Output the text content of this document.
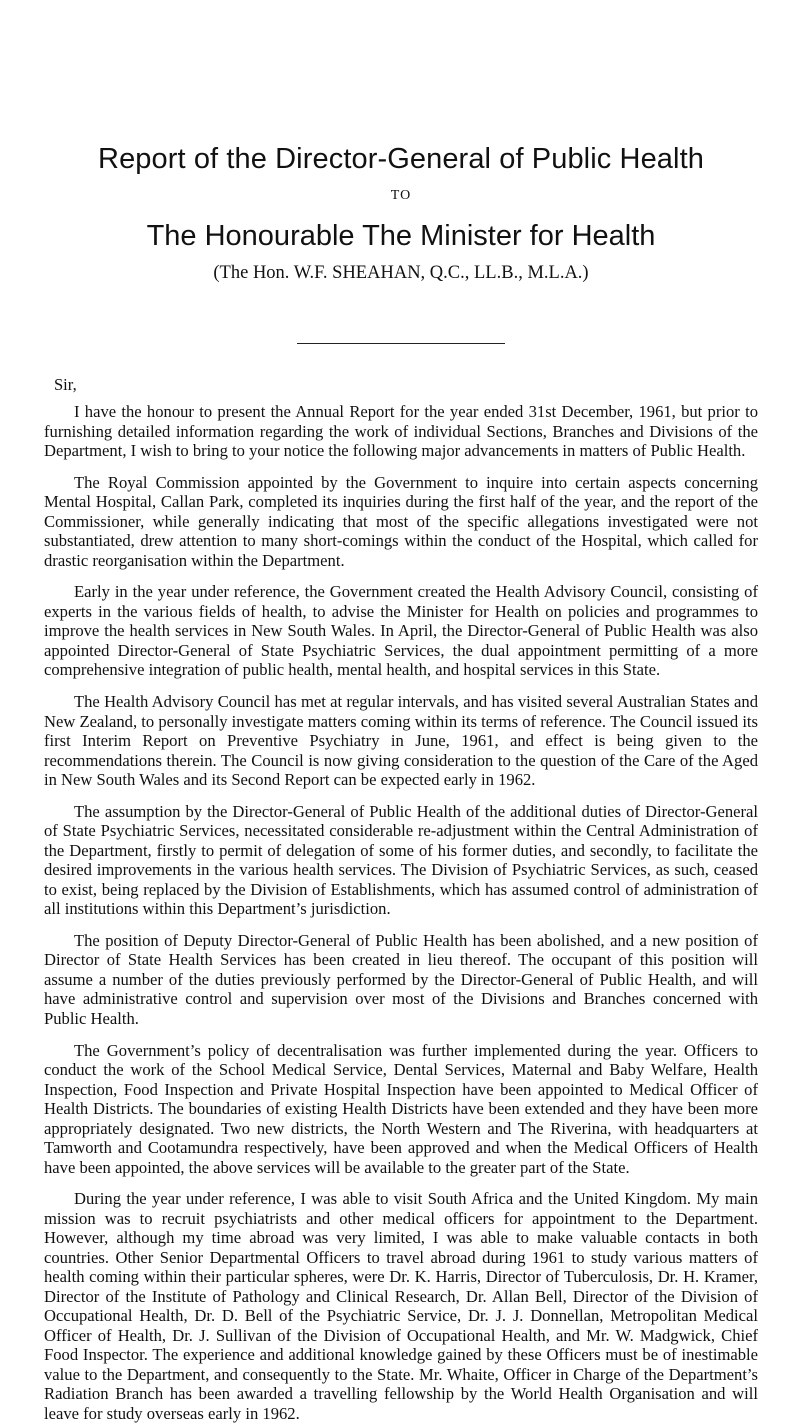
Report of the Director-General of Public Health
TO
The Honourable The Minister for Health
(The Hon. W.F. SHEAHAN, Q.C., LL.B., M.L.A.)
Sir,

I have the honour to present the Annual Report for the year ended 31st December, 1961, but prior to furnishing detailed information regarding the work of individual Sections, Branches and Divisions of the Department, I wish to bring to your notice the following major advancements in matters of Public Health.

The Royal Commission appointed by the Government to inquire into certain aspects concerning Mental Hospital, Callan Park, completed its inquiries during the first half of the year, and the report of the Commissioner, while generally indicating that most of the specific allegations investigated were not substantiated, drew attention to many short-comings within the conduct of the Hospital, which called for drastic reorganisation within the Department.

Early in the year under reference, the Government created the Health Advisory Council, consisting of experts in the various fields of health, to advise the Minister for Health on policies and programmes to improve the health services in New South Wales. In April, the Director-General of Public Health was also appointed Director-General of State Psychiatric Services, the dual appointment permitting of a more comprehensive integration of public health, mental health, and hospital services in this State.

The Health Advisory Council has met at regular intervals, and has visited several Australian States and New Zealand, to personally investigate matters coming within its terms of reference. The Council issued its first Interim Report on Preventive Psychiatry in June, 1961, and effect is being given to the recommendations therein. The Council is now giving consideration to the question of the Care of the Aged in New South Wales and its Second Report can be expected early in 1962.

The assumption by the Director-General of Public Health of the additional duties of Director-General of State Psychiatric Services, necessitated considerable re-adjustment within the Central Administration of the Department, firstly to permit of delegation of some of his former duties, and secondly, to facilitate the desired improvements in the various health services. The Division of Psychiatric Services, as such, ceased to exist, being replaced by the Division of Establishments, which has assumed control of administration of all institutions within this Department’s jurisdiction.

The position of Deputy Director-General of Public Health has been abolished, and a new position of Director of State Health Services has been created in lieu thereof. The occupant of this position will assume a number of the duties previously performed by the Director-General of Public Health, and will have administrative control and supervision over most of the Divisions and Branches concerned with Public Health.

The Government’s policy of decentralisation was further implemented during the year. Officers to conduct the work of the School Medical Service, Dental Services, Maternal and Baby Welfare, Health Inspection, Food Inspection and Private Hospital Inspection have been appointed to Medical Officer of Health Districts. The boundaries of existing Health Districts have been extended and they have been more appropriately designated. Two new districts, the North Western and The Riverina, with headquarters at Tamworth and Cootamundra respectively, have been approved and when the Medical Officers of Health have been appointed, the above services will be available to the greater part of the State.

During the year under reference, I was able to visit South Africa and the United Kingdom. My main mission was to recruit psychiatrists and other medical officers for appointment to the Department. However, although my time abroad was very limited, I was able to make valuable contacts in both countries. Other Senior Departmental Officers to travel abroad during 1961 to study various matters of health coming within their particular spheres, were Dr. K. Harris, Director of Tuberculosis, Dr. H. Kramer, Director of the Institute of Pathology and Clinical Research, Dr. Allan Bell, Director of the Division of Occupational Health, Dr. D. Bell of the Psychiatric Service, Dr. J. J. Donnellan, Metropolitan Medical Officer of Health, Dr. J. Sullivan of the Division of Occupational Health, and Mr. W. Madgwick, Chief Food Inspector. The experience and additional knowledge gained by these Officers must be of inestimable value to the Department, and consequently to the State. Mr. Whaite, Officer in Charge of the Department’s Radiation Branch has been awarded a travelling fellowship by the World Health Organisation and will leave for study overseas early in 1962.
